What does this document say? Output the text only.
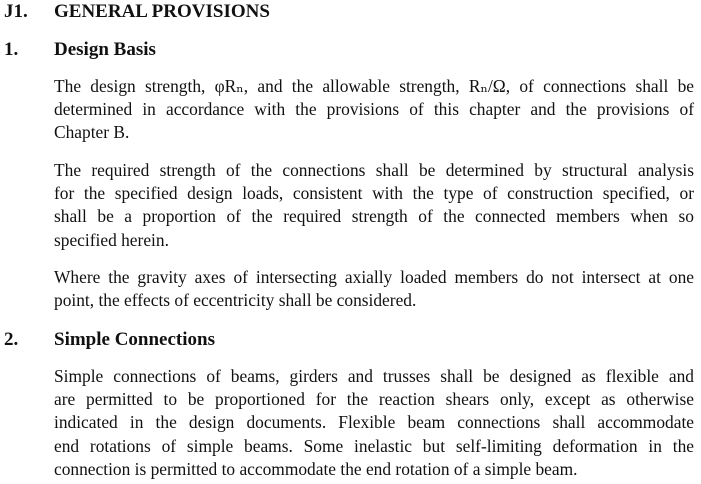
J1. GENERAL PROVISIONS
1. Design Basis
The design strength, φRₙ, and the allowable strength, Rₙ/Ω, of connections shall be
determined in accordance with the provisions of this chapter and the provisions of
Chapter B.
The required strength of the connections shall be determined by structural analysis
for the specified design loads, consistent with the type of construction specified, or
shall be a proportion of the required strength of the connected members when so
specified herein.
Where the gravity axes of intersecting axially loaded members do not intersect at one
point, the effects of eccentricity shall be considered.
2. Simple Connections
Simple connections of beams, girders and trusses shall be designed as flexible and
are permitted to be proportioned for the reaction shears only, except as otherwise
indicated in the design documents. Flexible beam connections shall accommodate
end rotations of simple beams. Some inelastic but self-limiting deformation in the
connection is permitted to accommodate the end rotation of a simple beam.
